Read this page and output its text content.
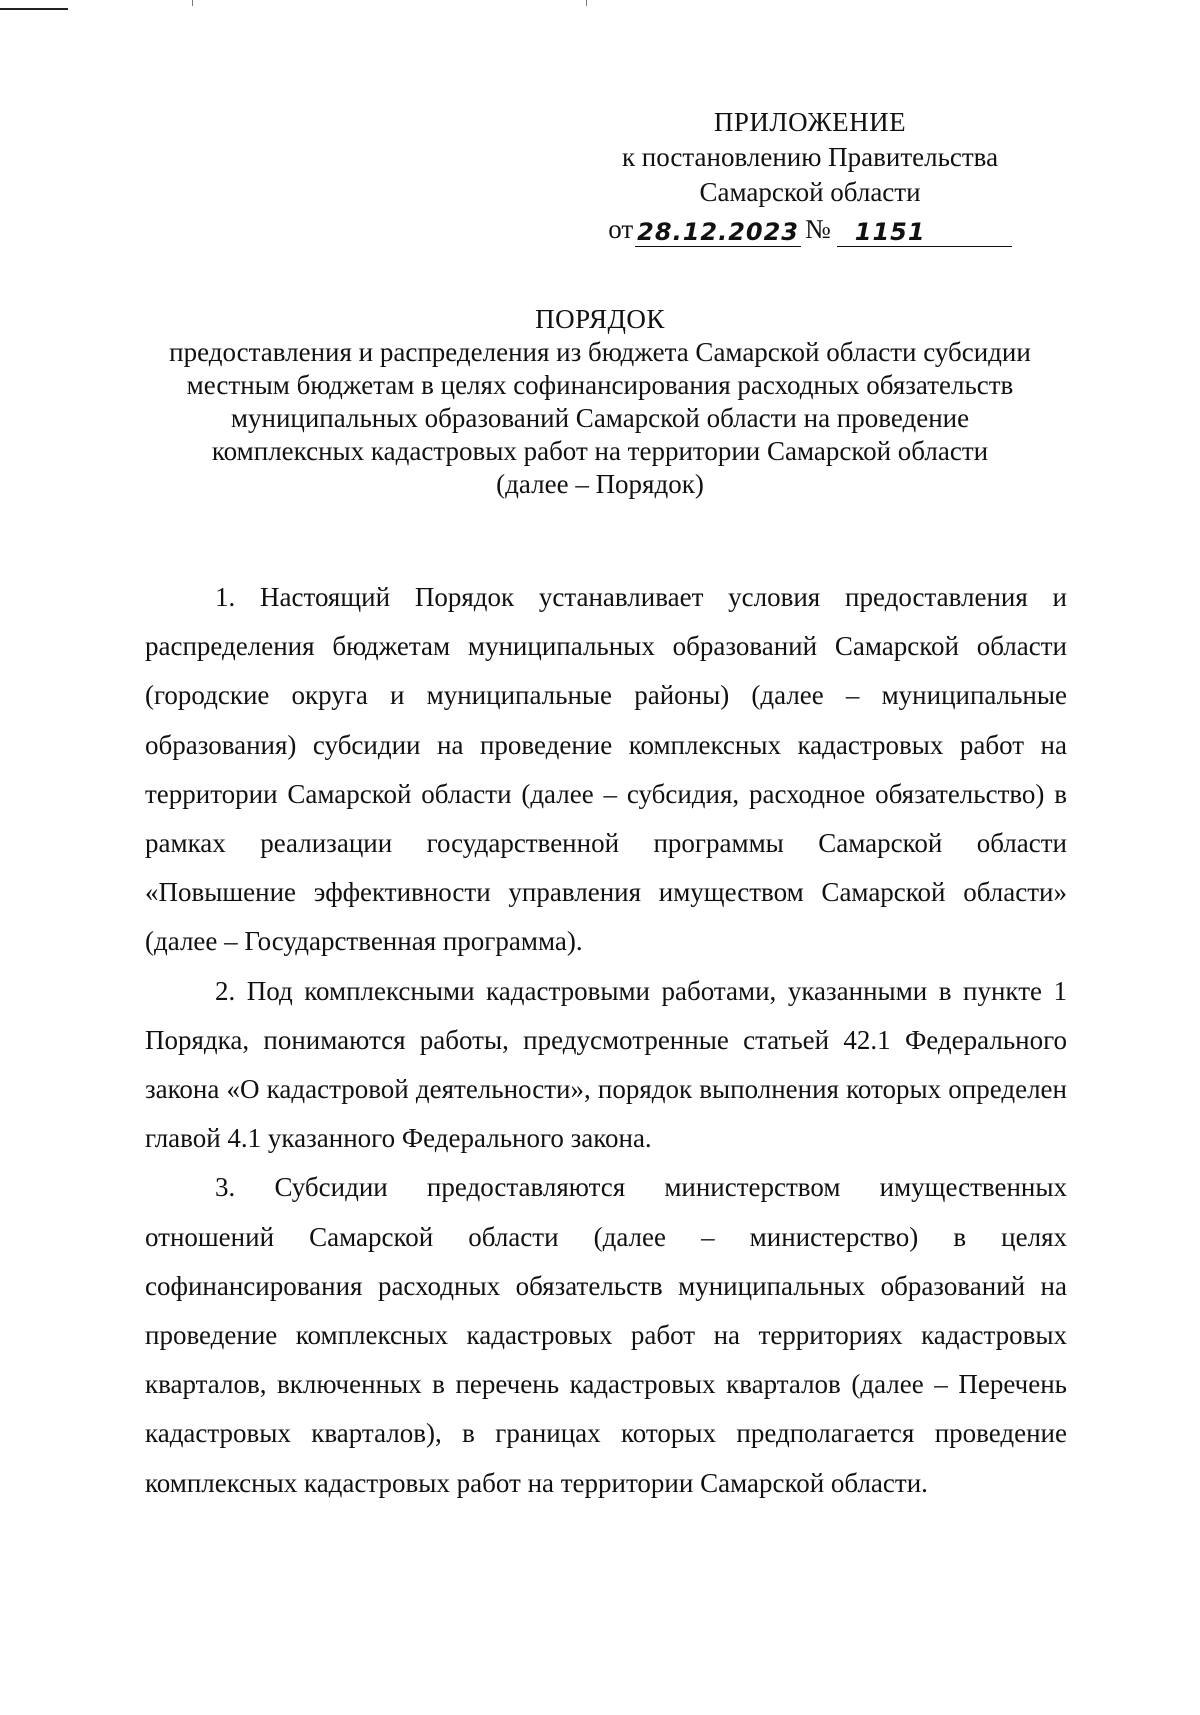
ПРИЛОЖЕНИЕ
к постановлению Правительства
Самарской области
от 28.12.2023 №	1151
ПОРЯДОК
предоставления и распределения из бюджета Самарской области субсидии
местным бюджетам в целях софинансирования расходных обязательств
муниципальных образований Самарской области на проведение
комплексных кадастровых работ на территории Самарской области
(далее – Порядок)

1. Настоящий Порядок устанавливает условия предоставления и распределения бюджетам муниципальных образований Самарской области (городские округа и муниципальные районы) (далее – муниципальные образования) субсидии на проведение комплексных кадастровых работ на территории Самарской области (далее – субсидия, расходное обязательство) в рамках реализации государственной программы Самарской области «Повышение эффективности управления имуществом Самарской области» (далее – Государственная программа).

2. Под комплексными кадастровыми работами, указанными в пункте 1 Порядка, понимаются работы, предусмотренные статьей 42.1 Федерального закона «О кадастровой деятельности», порядок выполнения которых определен главой 4.1 указанного Федерального закона.

3. Субсидии предоставляются министерством имущественных отношений Самарской области (далее – министерство) в целях софинансирования расходных обязательств муниципальных образований на проведение комплексных кадастровых работ на территориях кадастровых кварталов, включенных в перечень кадастровых кварталов (далее – Перечень кадастровых кварталов), в границах которых предполагается проведение комплексных кадастровых работ на территории Самарской области.
